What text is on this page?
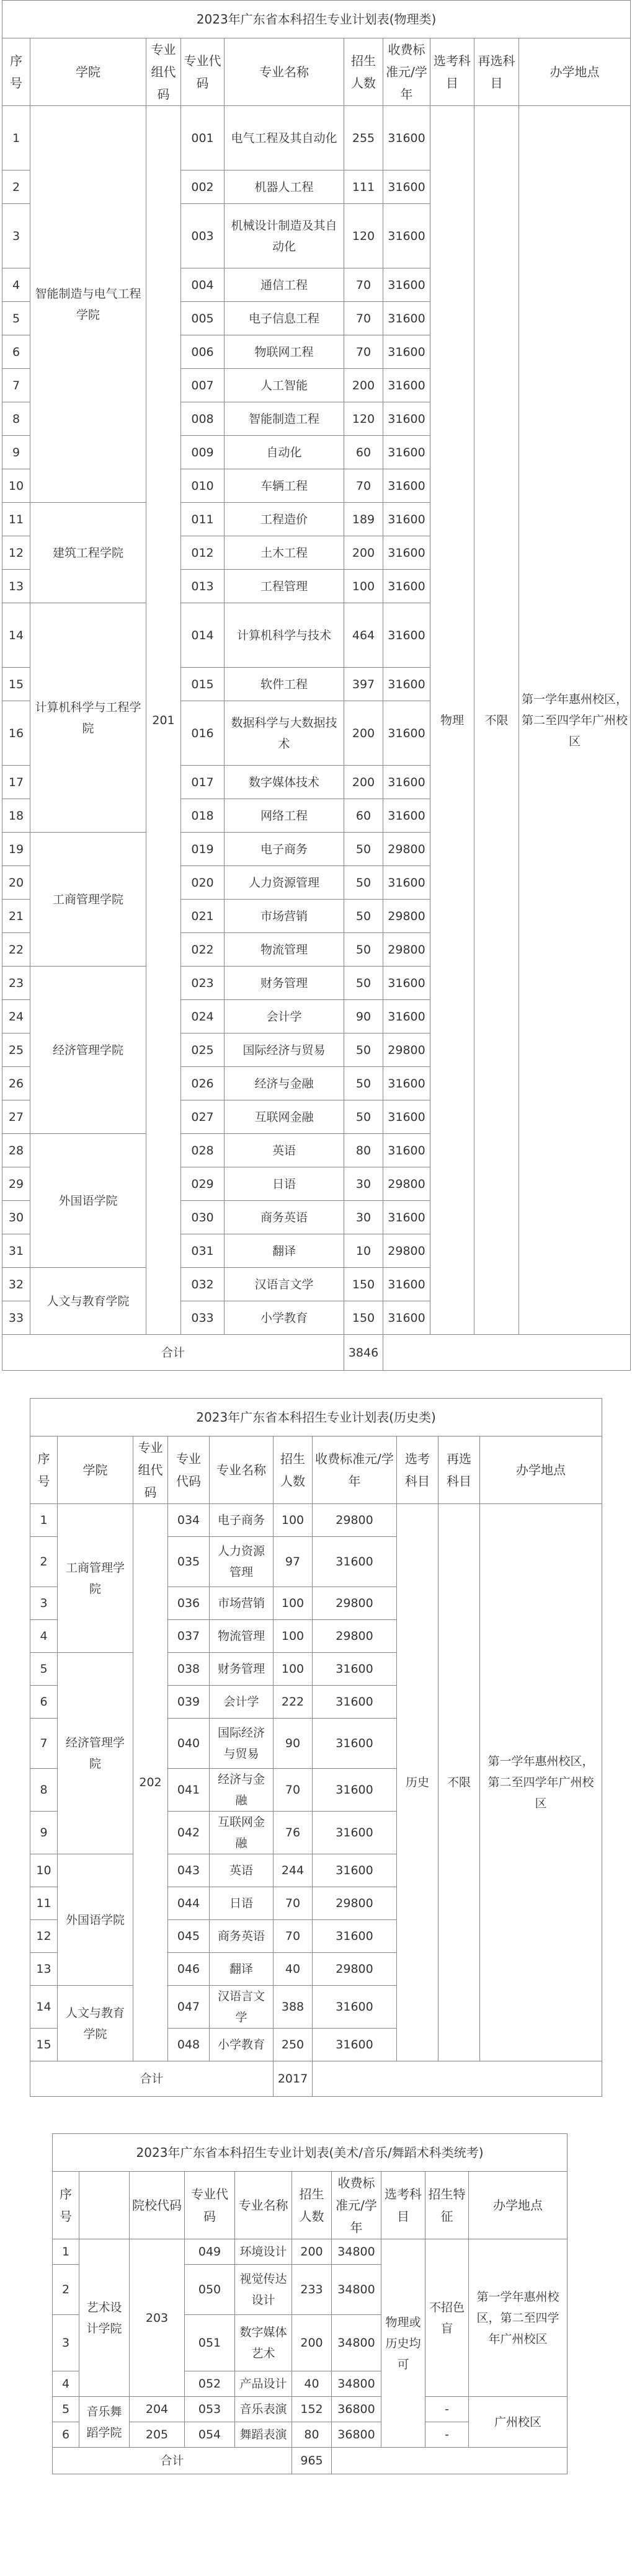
2023年广东省本科招生专业计划表(物理类)									
序号	学院	专业组代码	专业代码	专业名称	招生人数	收费标准元/学年	选考科目	再选科目	办学地点
1	智能制造与电气工程学院	201	001	电气工程及其自动化	255	31600	物理	不限	第一学年惠州校区，第二至四学年广州校区
2			002	机器人工程	111	31600			
3			003	机械设计制造及其自动化	120	31600			
4			004	通信工程	70	31600			
5			005	电子信息工程	70	31600			
6			006	物联网工程	70	31600			
7			007	人工智能	200	31600			
8			008	智能制造工程	120	31600			
9			009	自动化	60	31600			
10			010	车辆工程	70	31600			
11	建筑工程学院		011	工程造价	189	31600			
12			012	土木工程	200	31600			
13			013	工程管理	100	31600			
14	计算机科学与工程学院		014	计算机科学与技术	464	31600			
15			015	软件工程	397	31600			
16			016	数据科学与大数据技术	200	31600			
17			017	数字媒体技术	200	31600			
18			018	网络工程	60	31600			
19	工商管理学院		019	电子商务	50	29800			
20			020	人力资源管理	50	31600			
21			021	市场营销	50	29800			
22			022	物流管理	50	29800			
23	经济管理学院		023	财务管理	50	31600			
24			024	会计学	90	31600			
25			025	国际经济与贸易	50	29800			
26			026	经济与金融	50	31600			
27			027	互联网金融	50	31600			
28	外国语学院		028	英语	80	31600			
29			029	日语	30	29800			
30			030	商务英语	30	31600			
31			031	翻译	10	29800			
32	人文与教育学院		032	汉语言文学	150	31600			
33			033	小学教育	150	31600			
合计					3846				
2023年广东省本科招生专业计划表(历史类)									
序号	学院	专业组代码	专业代码	专业名称	招生人数	收费标准元/学年	选考科目	再选科目	办学地点
1	工商管理学院	202	034	电子商务	100	29800	历史	不限	第一学年惠州校区，第二至四学年广州校区
2			035	人力资源管理	97	31600			
3			036	市场营销	100	29800			
4			037	物流管理	100	29800			
5	经济管理学院		038	财务管理	100	31600			
6			039	会计学	222	31600			
7			040	国际经济与贸易	90	31600			
8			041	经济与金融	70	31600			
9			042	互联网金融	76	31600			
10	外国语学院		043	英语	244	31600			
11			044	日语	70	29800			
12			045	商务英语	70	31600			
13			046	翻译	40	29800			
14	人文与教育学院		047	汉语言文学	388	31600			
15			048	小学教育	250	31600			
合计					2017				
2023年广东省本科招生专业计划表(美术/音乐/舞蹈术科类统考)									
序号		院校代码	专业代码	专业名称	招生人数	收费标准元/学年	选考科目	招生特征	办学地点
1	艺术设计学院	203	049	环境设计	200	34800	物理或历史均可	不招色盲	第一学年惠州校区，第二至四学年广州校区
2			050	视觉传达设计	233	34800			
3			051	数字媒体艺术	200	34800			
4			052	产品设计	40	34800			
5	音乐舞蹈学院	204	053	音乐表演	152	36800		-	广州校区
6		205	054	舞蹈表演	80	36800		-	
合计					965				
